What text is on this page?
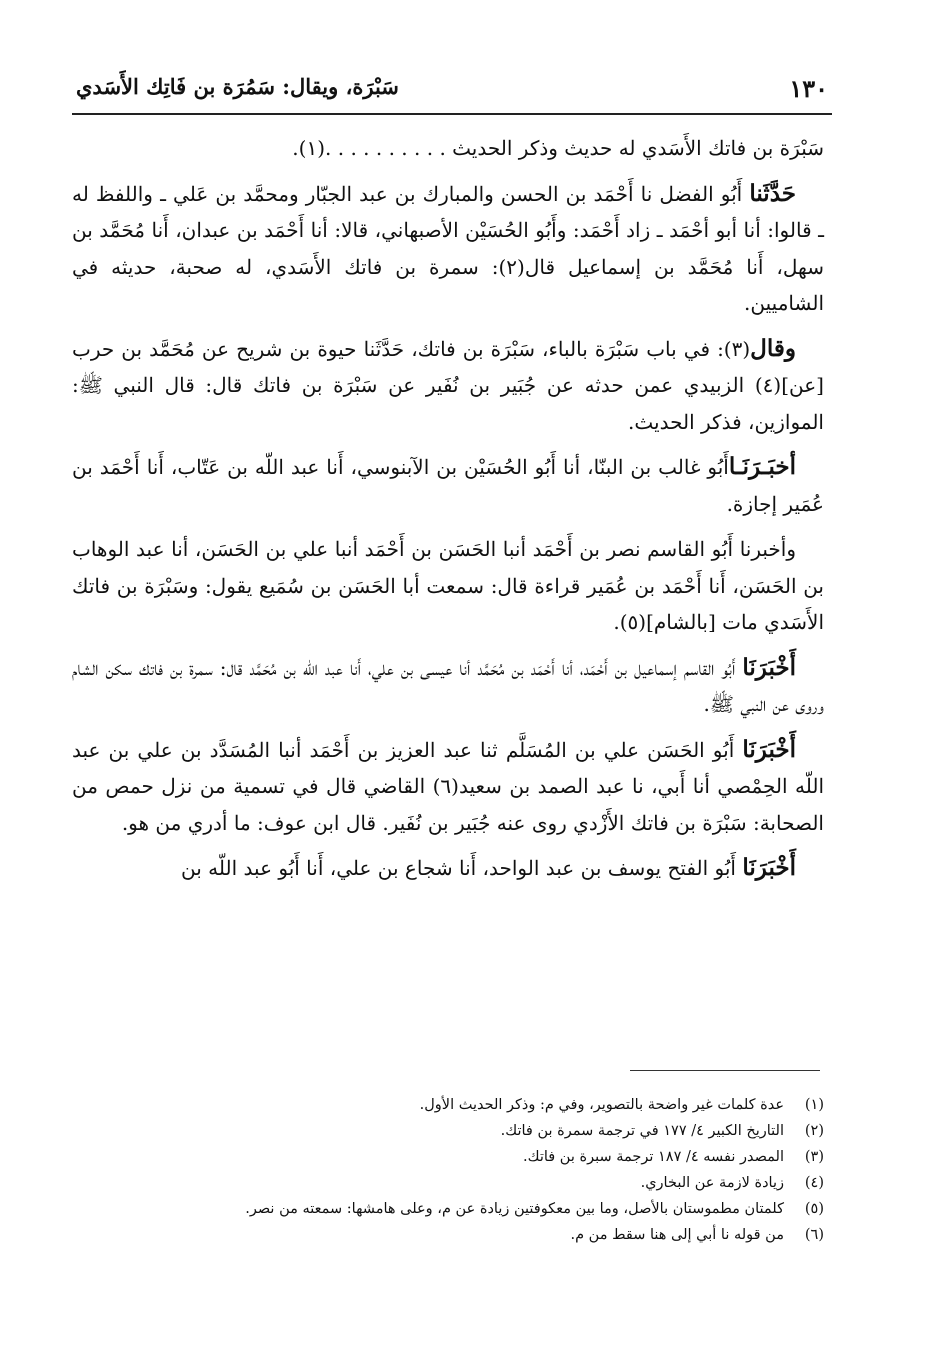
١٣٠
سَبْرَة، ويقال: سَمُرَة بن فَاتِك الأَسَدي

سَبْرَة بن فاتك الأَسَدي له حديث وذكر الحديث . . . . . . . . . .(١).

حَدَّثَنا أَبُو الفضل نا أَحْمَد بن الحسن والمبارك بن عبد الجبّار ومحمَّد بن عَلي ـ واللفظ له ـ قالوا: أنا أبو أحْمَد ـ زاد أَحْمَد: وأَبُو الحُسَيْن الأصبهاني، قالا: أنا أَحْمَد بن عبدان، أَنا مُحَمَّد بن سهل، أَنا مُحَمَّد بن إسماعيل قال(٢): سمرة بن فاتك الأَسَدي، له صحبة، حديثه في الشاميين.

وقال(٣): في باب سَبْرَة بالباء، سَبْرَة بن فاتك، حَدَّثَنا حيوة بن شريح عن مُحَمَّد بن حرب [عن](٤) الزبيدي عمن حدثه عن جُبَير بن نُفَير عن سَبْرَة بن فاتك قال: قال النبي ﷺ: الموازين، فذكر الحديث.

أخبَـرَنَـاأَبُو غالب بن البنّا، أنا أَبُو الحُسَيْن بن الآبنوسي، أَنا عبد اللّه بن عَتّاب، أَنا أَحْمَد بن عُمَير إجازة.

وأخبرنا أَبُو القاسم نصر بن أَحْمَد أنبا الحَسَن بن أَحْمَد أنبا علي بن الحَسَن، أنا عبد الوهاب بن الحَسَن، أَنا أَحْمَد بن عُمَير قراءة قال: سمعت أبا الحَسَن بن سُمَيع يقول: وسَبْرَة بن فاتك الأَسَدي مات [بالشام](٥).

أَخْبَرَنَا أَبُو القاسم إسماعيل بن أَحْمَد، أنا أَحْمَد بن مُحَمَّد أنا عيسى بن علي، أَنا عبد اللّه بن مُحَمَّد قال: سمرة بن فاتك سكن الشام وروى عن النبي ﷺ.

أَخْبَرَنَا أَبُو الحَسَن علي بن المُسَلَّم ثنا عبد العزيز بن أَحْمَد أنبا المُسَدَّد بن علي بن عبد اللّه الحِمْصي أنا أَبي، نا عبد الصمد بن سعيد(٦) القاضي قال في تسمية من نزل حمص من الصحابة: سَبْرَة بن فاتك الأَزْدي روى عنه جُبَير بن نُفَير. قال ابن عوف: ما أدري من هو.

أَخْبَرَنَا أَبُو الفتح يوسف بن عبد الواحد، أَنا شجاع بن علي، أَنا أَبُو عبد اللّه بن

(١)
عدة كلمات غير واضحة بالتصوير، وفي م: وذكر الحديث الأول.
(٢)
التاريخ الكبير ٤/ ١٧٧ في ترجمة سمرة بن فاتك.
(٣)
المصدر نفسه ٤/ ١٨٧ ترجمة سبرة بن فاتك.
(٤)
زيادة لازمة عن البخاري.
(٥)
كلمتان مطموستان بالأصل، وما بين معكوفتين زيادة عن م، وعلى هامشها: سمعته من نصر.
(٦)
من قوله نا أبي إلى هنا سقط من م.
